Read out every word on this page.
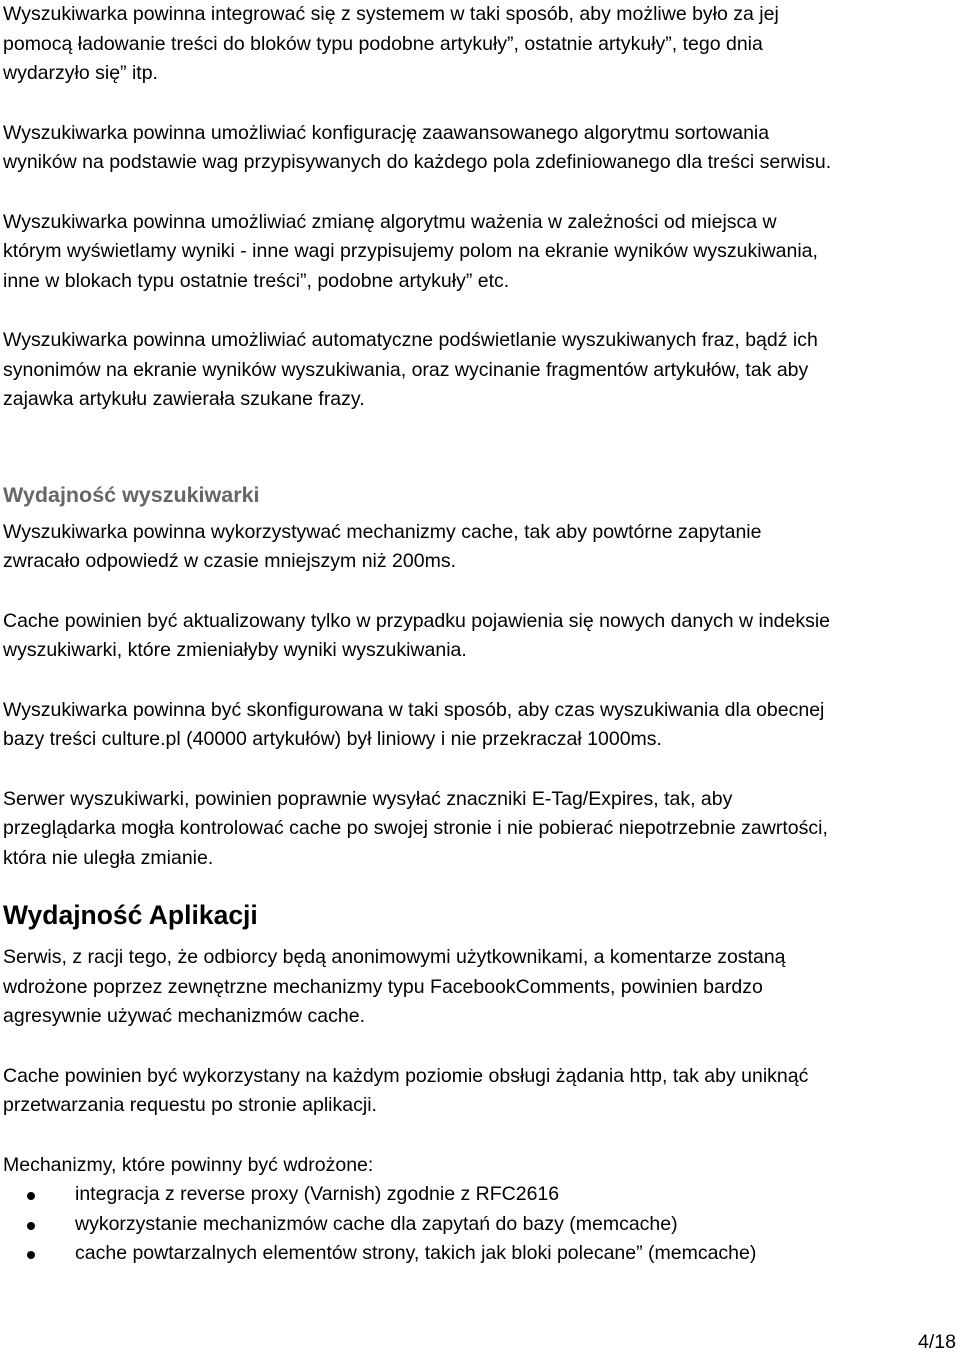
Wyszukiwarka powinna integrować się z systemem w taki sposób, aby możliwe było za jej

pomocą ładowanie treści do bloków typu podobne artykuły”, ostatnie artykuły”, tego dnia

wydarzyło się” itp.

Wyszukiwarka powinna umożliwiać konfigurację zaawansowanego algorytmu sortowania

wyników na podstawie wag przypisywanych do każdego pola zdefiniowanego dla treści serwisu.

Wyszukiwarka powinna umożliwiać zmianę algorytmu ważenia w zależności od miejsca w

którym wyświetlamy wyniki - inne wagi przypisujemy polom na ekranie wyników wyszukiwania,

inne w blokach typu ostatnie treści”, podobne artykuły” etc.

Wyszukiwarka powinna umożliwiać automatyczne podświetlanie wyszukiwanych fraz, bądź ich

synonimów na ekranie wyników wyszukiwania, oraz wycinanie fragmentów artykułów, tak aby

zajawka artykułu zawierała szukane frazy.

Wydajność wyszukiwarki

Wyszukiwarka powinna wykorzystywać mechanizmy cache, tak aby powtórne zapytanie

zwracało odpowiedź w czasie mniejszym niż 200ms.

Cache powinien być aktualizowany tylko w przypadku pojawienia się nowych danych w indeksie

wyszukiwarki, które zmieniałyby wyniki wyszukiwania.

Wyszukiwarka powinna być skonfigurowana w taki sposób, aby czas wyszukiwania dla obecnej

bazy treści culture.pl (40000 artykułów) był liniowy i nie przekraczał 1000ms.

Serwer wyszukiwarki, powinien poprawnie wysyłać znaczniki E-Tag/Expires, tak, aby

przeglądarka mogła kontrolować cache po swojej stronie i nie pobierać niepotrzebnie zawrtości,

która nie uległa zmianie.

Wydajność Aplikacji

Serwis, z racji tego, że odbiorcy będą anonimowymi użytkownikami, a komentarze zostaną

wdrożone poprzez zewnętrzne mechanizmy typu FacebookComments, powinien bardzo

agresywnie używać mechanizmów cache.

Cache powinien być wykorzystany na każdym poziomie obsługi żądania http, tak aby uniknąć

przetwarzania requestu po stronie aplikacji.

Mechanizmy, które powinny być wdrożone:

integracja z reverse proxy (Varnish) zgodnie z RFC2616
wykorzystanie mechanizmów cache dla zapytań do bazy (memcache)
cache powtarzalnych elementów strony, takich jak bloki polecane” (memcache)
4/18
